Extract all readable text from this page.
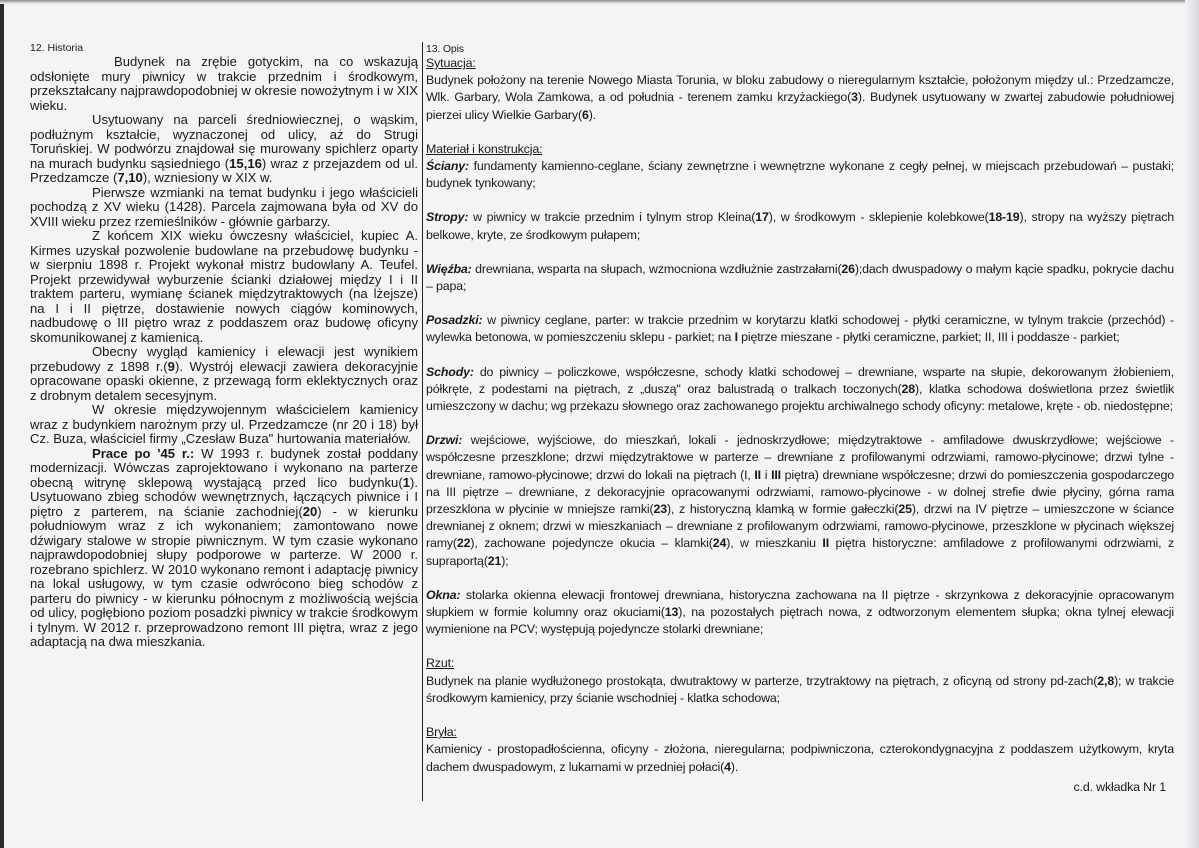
12. Historia

Budynek na zrębie gotyckim, na co wskazują odsłonięte mury piwnicy w trakcie przednim i środkowym, przekształcany najprawdopodobniej w okresie nowożytnym i w XIX wieku.

Usytuowany na parceli średniowiecznej, o wąskim, podłużnym kształcie, wyznaczonej od ulicy, aż do Strugi Toruńskiej. W podwórzu znajdował się murowany spichlerz oparty na murach budynku sąsiedniego (15,16) wraz z przejazdem od ul. Przedzamcze (7,10), wzniesiony w XIX w.

Pierwsze wzmianki na temat budynku i jego właścicieli pochodzą z XV wieku (1428). Parcela zajmowana była od XV do XVIII wieku przez rzemieślników - głównie garbarzy.

Z końcem XIX wieku ówczesny właściciel, kupiec A. Kirmes uzyskał pozwolenie budowlane na przebudowę budynku - w sierpniu 1898 r. Projekt wykonał mistrz budowlany A. Teufel. Projekt przewidywał wyburzenie ścianki działowej między I i II traktem parteru, wymianę ścianek międzytraktowych (na lżejsze) na I i II piętrze, dostawienie nowych ciągów kominowych, nadbudowę o III piętro wraz z poddaszem oraz budowę oficyny skomunikowanej z kamienicą.

Obecny wygląd kamienicy i elewacji jest wynikiem przebudowy z 1898 r.(9). Wystrój elewacji zawiera dekoracyjnie opracowane opaski okienne, z przewagą form eklektycznych oraz z drobnym detalem secesyjnym.

W okresie międzywojennym właścicielem kamienicy wraz z budynkiem narożnym przy ul. Przedzamcze (nr 20 i 18) był Cz. Buza, właściciel firmy „Czesław Buza" hurtowania materiałów.

Prace po '45 r.: W 1993 r. budynek został poddany modernizacji. Wówczas zaprojektowano i wykonano na parterze obecną witrynę sklepową wystającą przed lico budynku(1). Usytuowano zbieg schodów wewnętrznych, łączących piwnice i I piętro z parterem, na ścianie zachodniej(20) - w kierunku południowym wraz z ich wykonaniem; zamontowano nowe dźwigary stalowe w stropie piwnicznym. W tym czasie wykonano najprawdopodobniej słupy podporowe w parterze. W 2000 r. rozebrano spichlerz. W 2010 wykonano remont i adaptację piwnicy na lokal usługowy, w tym czasie odwrócono bieg schodów z parteru do piwnicy - w kierunku północnym z możliwością wejścia od ulicy, pogłębiono poziom posadzki piwnicy w trakcie środkowym i tylnym. W 2012 r. przeprowadzono remont III piętra, wraz z jego adaptacją na dwa mieszkania.

13. Opis
Sytuacja:

Budynek położony na terenie Nowego Miasta Torunia, w bloku zabudowy o nieregularnym kształcie, położonym między ul.: Przedzamcze, Wlk. Garbary, Wola Zamkowa, a od południa - terenem zamku krzyżackiego(3). Budynek usytuowany w zwartej zabudowie południowej pierzei ulicy Wielkie Garbary(6).

Materiał i konstrukcja:

Ściany: fundamenty kamienno-ceglane, ściany zewnętrzne i wewnętrzne wykonane z cegły pełnej, w miejscach przebudowań – pustaki; budynek tynkowany;

Stropy: w piwnicy w trakcie przednim i tylnym strop Kleina(17), w środkowym - sklepienie kolebkowe(18-19), stropy na wyższy piętrach belkowe, kryte, ze środkowym pułapem;

Więźba: drewniana, wsparta na słupach, wzmocniona wzdłużnie zastrzałami(26);dach dwuspadowy o małym kącie spadku, pokrycie dachu – papa;

Posadzki: w piwnicy ceglane, parter: w trakcie przednim w korytarzu klatki schodowej - płytki ceramiczne, w tylnym trakcie (przechód) - wylewka betonowa, w pomieszczeniu sklepu - parkiet; na I piętrze mieszane - płytki ceramiczne, parkiet; II, III i poddasze - parkiet;

Schody: do piwnicy – policzkowe, współczesne, schody klatki schodowej – drewniane, wsparte na słupie, dekorowanym żłobieniem, półkręte, z podestami na piętrach, z „duszą" oraz balustradą o tralkach toczonych(28), klatka schodowa doświetlona przez świetlik umieszczony w dachu; wg przekazu słownego oraz zachowanego projektu archiwalnego schody oficyny: metalowe, kręte - ob. niedostępne;

Drzwi: wejściowe, wyjściowe, do mieszkań, lokali - jednoskrzydłowe; międzytraktowe - amfiladowe dwuskrzydłowe; wejściowe - współczesne przeszklone; drzwi międzytraktowe w parterze – drewniane z profilowanymi odrzwiami, ramowo-płycinowe; drzwi tylne - drewniane, ramowo-płycinowe; drzwi do lokali na piętrach (I, II i III piętra) drewniane współczesne; drzwi do pomieszczenia gospodarczego na III piętrze – drewniane, z dekoracyjnie opracowanymi odrzwiami, ramowo-płycinowe - w dolnej strefie dwie płyciny, górna rama przeszklona w płycinie w mniejsze ramki(23), z historyczną klamką w formie gałeczki(25), drzwi na IV piętrze – umieszczone w ściance drewnianej z oknem; drzwi w mieszkaniach – drewniane z profilowanym odrzwiami, ramowo-płycinowe, przeszklone w płycinach większej ramy(22), zachowane pojedyncze okucia – klamki(24), w mieszkaniu II piętra historyczne: amfiladowe z profilowanymi odrzwiami, z supraportą(21);

Okna: stolarka okienna elewacji frontowej drewniana, historyczna zachowana na II piętrze - skrzynkowa z dekoracyjnie opracowanym słupkiem w formie kolumny oraz okuciami(13), na pozostałych piętrach nowa, z odtworzonym elementem słupka; okna tylnej elewacji wymienione na PCV; występują pojedyncze stolarki drewniane;

Rzut:

Budynek na planie wydłużonego prostokąta, dwutraktowy w parterze, trzytraktowy na piętrach, z oficyną od strony pd-zach(2,8); w trakcie środkowym kamienicy, przy ścianie wschodniej - klatka schodowa;

Bryła:

Kamienicy - prostopadłościenna, oficyny - złożona, nieregularna; podpiwniczona, czterokondygnacyjna z poddaszem użytkowym, kryta dachem dwuspadowym, z lukarnami w przedniej połaci(4).

c.d. wkładka Nr 1
